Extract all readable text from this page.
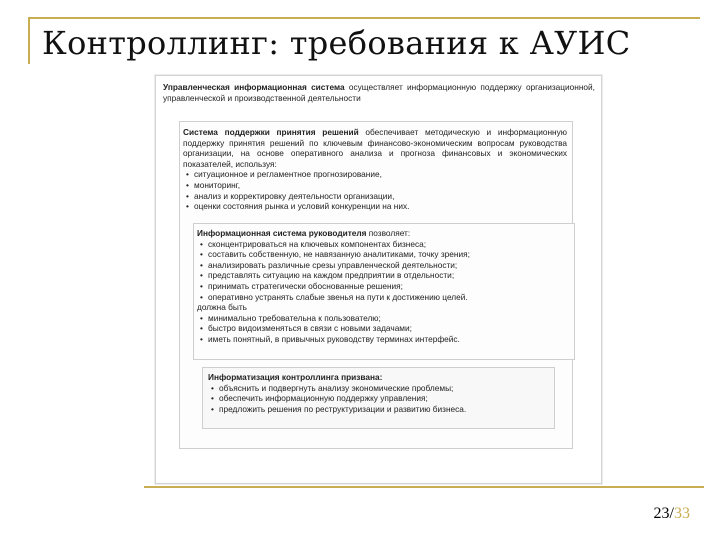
Контроллинг: требования к АУИС
Управленческая информационная система осуществляет информационную поддержку организационной, управленческой и производственной деятельности
Система поддержки принятия решений обеспечивает методическую и информационную поддержку принятия решений по ключевым финансово-экономическим вопросам руководства организации, на основе оперативного анализа и прогноза финансовых и экономических показателей, используя:
• ситуационное и регламентное прогнозирование,
• мониторинг,
• анализ и корректировку деятельности организации,
• оценки состояния рынка и условий конкуренции на них.
Информационная система руководителя позволяет:
• сконцентрироваться на ключевых компонентах бизнеса;
• составить собственную, не навязанную аналитиками, точку зрения;
• анализировать различные срезы управленческой деятельности;
• представлять ситуацию на каждом предприятии в отдельности;
• принимать стратегически обоснованные решения;
• оперативно устранять слабые звенья на пути к достижению целей.
должна быть
• минимально требовательна к пользователю;
• быстро видоизменяться в связи с новыми задачами;
• иметь понятный, в привычных руководству терминах интерфейс.
Информатизация контроллинга призвана:
• объяснить и подвергнуть анализу экономические проблемы;
• обеспечить информационную поддержку управления;
• предложить решения по реструктуризации и развитию бизнеса.
23/33
